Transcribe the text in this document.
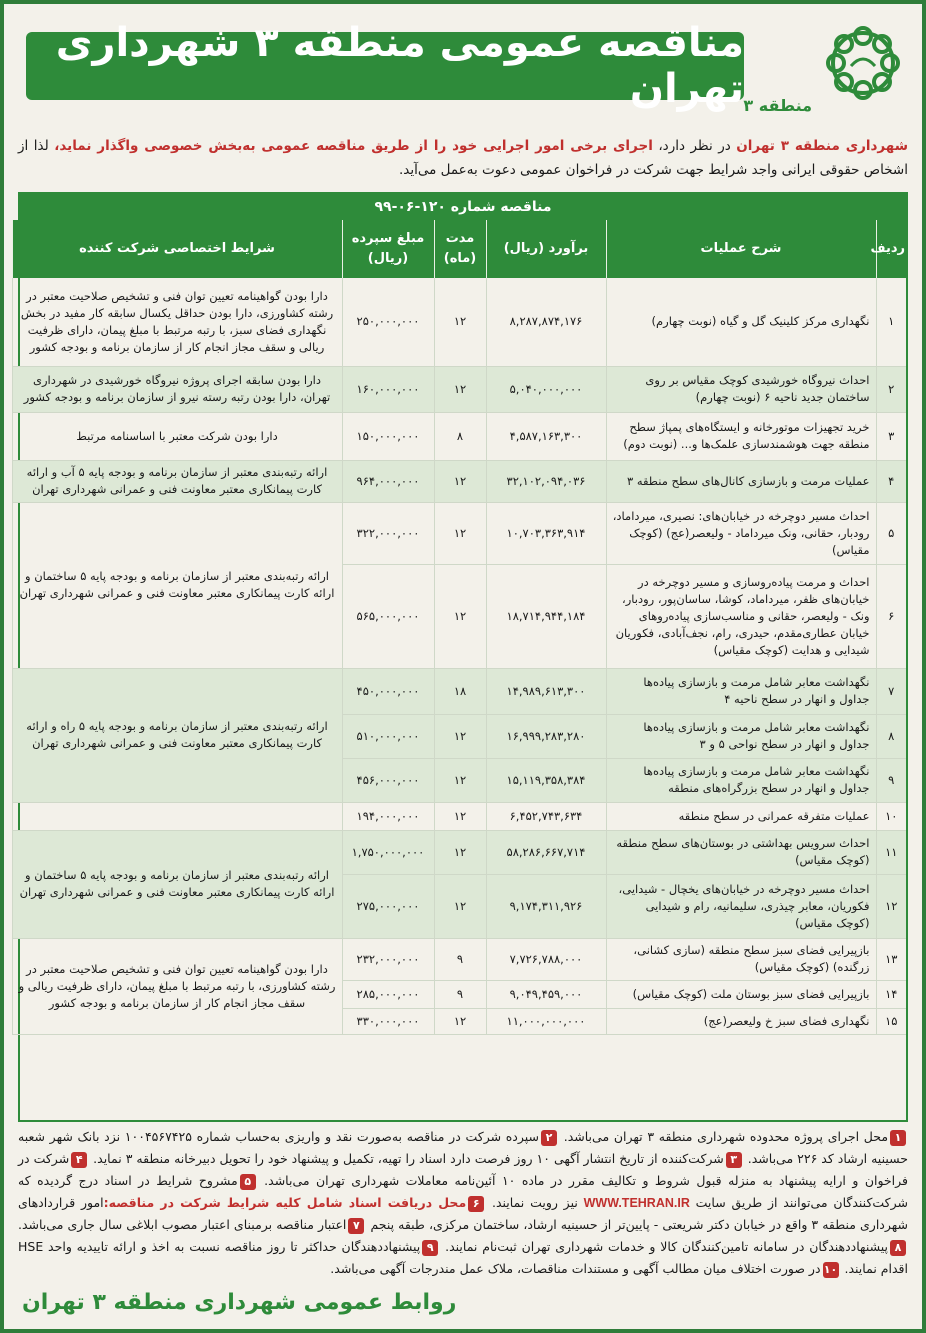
مناقصه عمومی منطقه ۳ شهرداری تهران منطقه ۳
شهرداری منطقه ۳ تهران در نظر دارد، اجرای برخی امور اجرایی خود را از طریق مناقصه عمومی به‌بخش خصوصی واگذار نماید، لذا از اشخاص حقوقی ایرانی واجد شرایط جهت شرکت در فراخوان عمومی دعوت به‌عمل می‌آید.
مناقصه شماره ۱۲۰-۰۶-۹۹
ردیف	شرح عملیات	برآورد (ریال)	مدت (ماه)	مبلغ سپرده (ریال)	شرایط اختصاصی شرکت کننده
۱	نگهداری مرکز کلینیک گل و گیاه (نوبت چهارم)	۸,۲۸۷,۸۷۴,۱۷۶	۱۲	۲۵۰,۰۰۰,۰۰۰	دارا بودن گواهینامه تعیین توان فنی و تشخیص صلاحیت معتبر در رشته کشاورزی، دارا بودن حداقل یکسال سابقه کار مفید در بخش نگهداری فضای سبز، با رتبه مرتبط با مبلغ پیمان، دارای ظرفیت ریالی و سقف مجاز انجام کار از سازمان برنامه و بودجه کشور
۲	احداث نیروگاه خورشیدی کوچک مقیاس بر روی ساختمان جدید ناحیه ۶ (نوبت چهارم)	۵,۰۴۰,۰۰۰,۰۰۰	۱۲	۱۶۰,۰۰۰,۰۰۰	دارا بودن سابقه اجرای پروژه نیروگاه خورشیدی در شهرداری تهران، دارا بودن رتبه رسته نیرو از سازمان برنامه و بودجه کشور
۳	خرید تجهیزات موتورخانه و ایستگاه‌های پمپاژ سطح منطقه جهت هوشمندسازی علمک‌ها و... (نوبت دوم)	۴,۵۸۷,۱۶۳,۳۰۰	۸	۱۵۰,۰۰۰,۰۰۰	دارا بودن شرکت معتبر با اساسنامه مرتبط
۴	عملیات مرمت و بازسازی کانال‌های سطح منطقه ۳	۳۲,۱۰۲,۰۹۴,۰۳۶	۱۲	۹۶۴,۰۰۰,۰۰۰	ارائه رتبه‌بندی معتبر از سازمان برنامه و بودجه پایه ۵ آب و ارائه کارت پیمانکاری معتبر معاونت فنی و عمرانی شهرداری تهران
۵	احداث مسیر دوچرخه در خیابان‌های: نصیری، میرداماد، رودبار، حقانی، ونک میرداماد - ولیعصر(عج) (کوچک مقیاس)	۱۰,۷۰۳,۳۶۳,۹۱۴	۱۲	۳۲۲,۰۰۰,۰۰۰	ارائه رتبه‌بندی معتبر از سازمان برنامه و بودجه پایه ۵ ساختمان و ارائه کارت پیمانکاری معتبر معاونت فنی و عمرانی شهرداری تهران
۶	احداث و مرمت پیاده‌روسازی و مسیر دوچرخه در خیابان‌های ظفر، میرداماد، کوشا، ساسان‌پور، رودبار، ونک - ولیعصر، حقانی و مناسب‌سازی پیاده‌روهای خیابان عطاری‌مقدم، حیدری، رام، نجف‌آبادی، فکوریان شیدایی و هدایت (کوچک مقیاس)	۱۸,۷۱۴,۹۴۴,۱۸۴	۱۲	۵۶۵,۰۰۰,۰۰۰	
۷	نگهداشت معابر شامل مرمت و بازسازی پیاده‌ها جداول و انهار در سطح ناحیه ۴	۱۴,۹۸۹,۶۱۳,۳۰۰	۱۸	۴۵۰,۰۰۰,۰۰۰	ارائه رتبه‌بندی معتبر از سازمان برنامه و بودجه پایه ۵ راه و ارائه کارت پیمانکاری معتبر معاونت فنی و عمرانی شهرداری تهران
۸	نگهداشت معابر شامل مرمت و بازسازی پیاده‌ها جداول و انهار در سطح نواحی ۵ و ۳	۱۶,۹۹۹,۲۸۳,۲۸۰	۱۲	۵۱۰,۰۰۰,۰۰۰	
۹	نگهداشت معابر شامل مرمت و بازسازی پیاده‌ها جداول و انهار در سطح بزرگراه‌های منطقه	۱۵,۱۱۹,۳۵۸,۳۸۴	۱۲	۴۵۶,۰۰۰,۰۰۰	
۱۰	عملیات متفرقه عمرانی در سطح منطقه	۶,۴۵۲,۷۴۳,۶۳۴	۱۲	۱۹۴,۰۰۰,۰۰۰	
۱۱	احداث سرویس بهداشتی در بوستان‌های سطح منطقه (کوچک مقیاس)	۵۸,۲۸۶,۶۶۷,۷۱۴	۱۲	۱,۷۵۰,۰۰۰,۰۰۰	ارائه رتبه‌بندی معتبر از سازمان برنامه و بودجه پایه ۵ ساختمان و ارائه کارت پیمانکاری معتبر معاونت فنی و عمرانی شهرداری تهران
۱۲	احداث مسیر دوچرخه در خیابان‌های یخچال - شیدایی، فکوریان، معابر چیذری، سلیمانیه، رام و شیدایی (کوچک مقیاس)	۹,۱۷۴,۳۱۱,۹۲۶	۱۲	۲۷۵,۰۰۰,۰۰۰	
۱۳	بازپیرایی فضای سبز سطح منطقه (سازی کشانی، زرگنده) (کوچک مقیاس)	۷,۷۲۶,۷۸۸,۰۰۰	۹	۲۳۲,۰۰۰,۰۰۰	دارا بودن گواهینامه تعیین توان فنی و تشخیص صلاحیت معتبر در رشته کشاورزی، با رتبه مرتبط با مبلغ پیمان، دارای ظرفیت ریالی و سقف مجاز انجام کار از سازمان برنامه و بودجه کشور
۱۴	بازپیرایی فضای سبز بوستان ملت (کوچک مقیاس)	۹,۰۴۹,۴۵۹,۰۰۰	۹	۲۸۵,۰۰۰,۰۰۰	
۱۵	نگهداری فضای سبز خ ولیعصر(عج)	۱۱,۰۰۰,۰۰۰,۰۰۰	۱۲	۳۳۰,۰۰۰,۰۰۰	
۱محل اجرای پروژه محدوده شهرداری منطقه ۳ تهران می‌باشد. ۲سپرده شرکت در مناقصه به‌صورت نقد و واریزی به‌حساب شماره ۱۰۰۴۵۶۷۴۲۵ نزد بانک شهر شعبه حسینیه ارشاد کد ۲۲۶ می‌باشد. ۳شرکت‌کننده از تاریخ انتشار آگهی ۱۰ روز فرصت دارد اسناد را تهیه، تکمیل و پیشنهاد خود را تحویل دبیرخانه منطقه ۳ نماید. ۴شرکت در فراخوان و ارایه پیشنهاد به منزله قبول شروط و تکالیف مقرر در ماده ۱۰ آئین‌نامه معاملات شهرداری تهران می‌باشد. ۵مشروح شرایط در اسناد درج گردیده که شرکت‌کنندگان می‌توانند از طریق سایت WWW.TEHRAN.IR نیز رویت نمایند. ۶محل دریافت اسناد شامل کلیه شرایط شرکت در مناقصه:امور قراردادهای شهرداری منطقه ۳ واقع در خیابان دکتر شریعتی - پایین‌تر از حسینیه ارشاد، ساختمان مرکزی، طبقه پنجم ۷اعتبار مناقصه برمبنای اعتبار مصوب ابلاغی سال جاری می‌باشد. ۸پیشنهاددهندگان در سامانه تامین‌کنندگان کالا و خدمات شهرداری تهران ثبت‌نام نمایند. ۹پیشنهاددهندگان حداکثر تا روز مناقصه نسبت به اخذ و ارائه تاییدیه واحد HSE اقدام نمایند. ۱۰در صورت اختلاف میان مطالب آگهی و مستندات مناقصات، ملاک عمل مندرجات آگهی می‌باشد.
روابط عمومی شهرداری منطقه ۳ تهران
